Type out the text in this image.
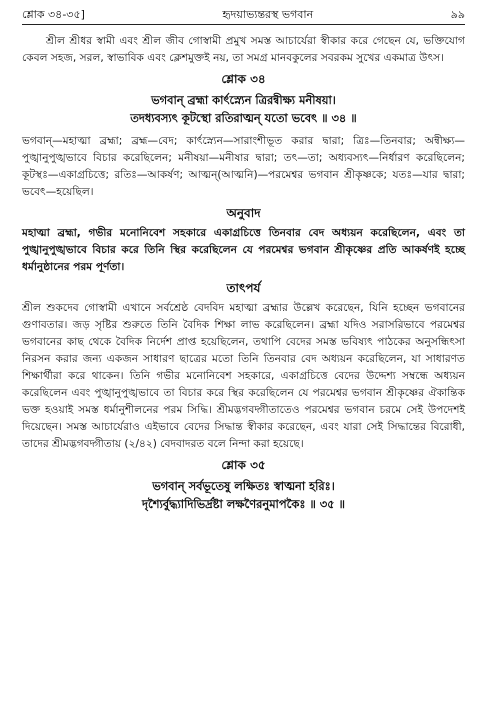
শ্লোক ৩৪-৩৫]	হৃদয়াভ্যন্তরস্থ ভগবান	৯৯

শ্রীল শ্রীধর স্বামী এবং শ্রীল জীব গোস্বামী প্রমুখ সমস্ত আচার্যেরা স্বীকার করে গেছেন যে, ভক্তিযোগ কেবল সহজ, সরল, স্বাভাবিক এবং ক্লেশমুক্তই নয়, তা সমগ্র মানবকুলের সবরকম সুখের একমাত্র উৎস।

শ্লোক ৩৪

ভগবান্ ব্রহ্মা কার্ৎস্ন্যেন ত্রিরন্বীক্ষ্য মনীষয়া।

তদধ্যবস্যৎ কূটস্থো রতিরাত্মন্ যতো ভবেৎ ॥ ৩৪ ॥

ভগবান্—মহাত্মা ব্রহ্মা; ব্রহ্ম—বেদ; কার্ৎস্ন্যেন—সারাংশীভূত করার দ্বারা; ত্রিঃ—তিনবার; অন্বীক্ষ্য—পুঙ্খানুপুঙ্খভাবে বিচার করেছিলেন; মনীষয়া—মনীষার দ্বারা; তৎ—তা; অধ্যবস্যৎ—নির্ধারণ করেছিলেন; কূটস্থঃ—একাগ্রচিত্তে; রতিঃ—আকর্ষণ; আত্মন্(আত্মনি)—পরমেশ্বর ভগবান শ্রীকৃষ্ণকে; যতঃ—যার দ্বারা; ভবেৎ—হয়েছিল।

অনুবাদ

মহাত্মা ব্রহ্মা, গভীর মনোনিবেশ সহকারে একাগ্রচিত্তে তিনবার বেদ অধ্যয়ন করেছিলেন, এবং তা পুঙ্খানুপুঙ্খভাবে বিচার করে তিনি স্থির করেছিলেন যে পরমেশ্বর ভগবান শ্রীকৃষ্ণের প্রতি আকর্ষণই হচ্ছে ধর্মানুষ্ঠানের পরম পূর্ণতা।

তাৎপর্য

শ্রীল শুকদেব গোস্বামী এখানে সর্বশ্রেষ্ঠ বেদবিদ মহাত্মা ব্রহ্মার উল্লেখ করেছেন, যিনি হচ্ছেন ভগবানের গুণাবতার। জড় সৃষ্টির শুরুতে তিনি বৈদিক শিক্ষা লাভ করেছিলেন। ব্রহ্মা যদিও সরাসরিভাবে পরমেশ্বর ভগবানের কাছ থেকে বৈদিক নির্দেশ প্রাপ্ত হয়েছিলেন, তথাপি বেদের সমস্ত ভবিষ্যৎ পাঠকের অনুসন্ধিৎসা নিরসন করার জন্য একজন সাধারণ ছাত্রের মতো তিনি তিনবার বেদ অধ্যয়ন করেছিলেন, যা সাধারণত শিক্ষার্থীরা করে থাকেন। তিনি গভীর মনোনিবেশ সহকারে, একাগ্রচিত্তে বেদের উদ্দেশ্য সম্বন্ধে অধ্যয়ন করেছিলেন এবং পুঙ্খানুপুঙ্খভাবে তা বিচার করে স্থির করেছিলেন যে পরমেশ্বর ভগবান শ্রীকৃষ্ণের ঐকান্তিক ভক্ত হওয়াই সমস্ত ধর্মানুশীলনের পরম সিদ্ধি। শ্রীমদ্ভগবদ্গীতাতেও পরমেশ্বর ভগবান চরমে সেই উপদেশই দিয়েছেন। সমস্ত আচার্যেরাও এইভাবে বেদের সিদ্ধান্ত স্বীকার করেছেন, এবং যারা সেই সিদ্ধান্তের বিরোধী, তাদের শ্রীমদ্ভগবদ্গীতায় (২/৪২) বেদবাদরত বলে নিন্দা করা হয়েছে।

শ্লোক ৩৫

ভগবান্ সর্বভূতেষু লক্ষিতঃ স্বাত্মনা হরিঃ।

দৃশ্যৈর্বুদ্ধ্যাদিভির্দ্রষ্টা লক্ষণৈরনুমাপকৈঃ ॥ ৩৫ ॥
